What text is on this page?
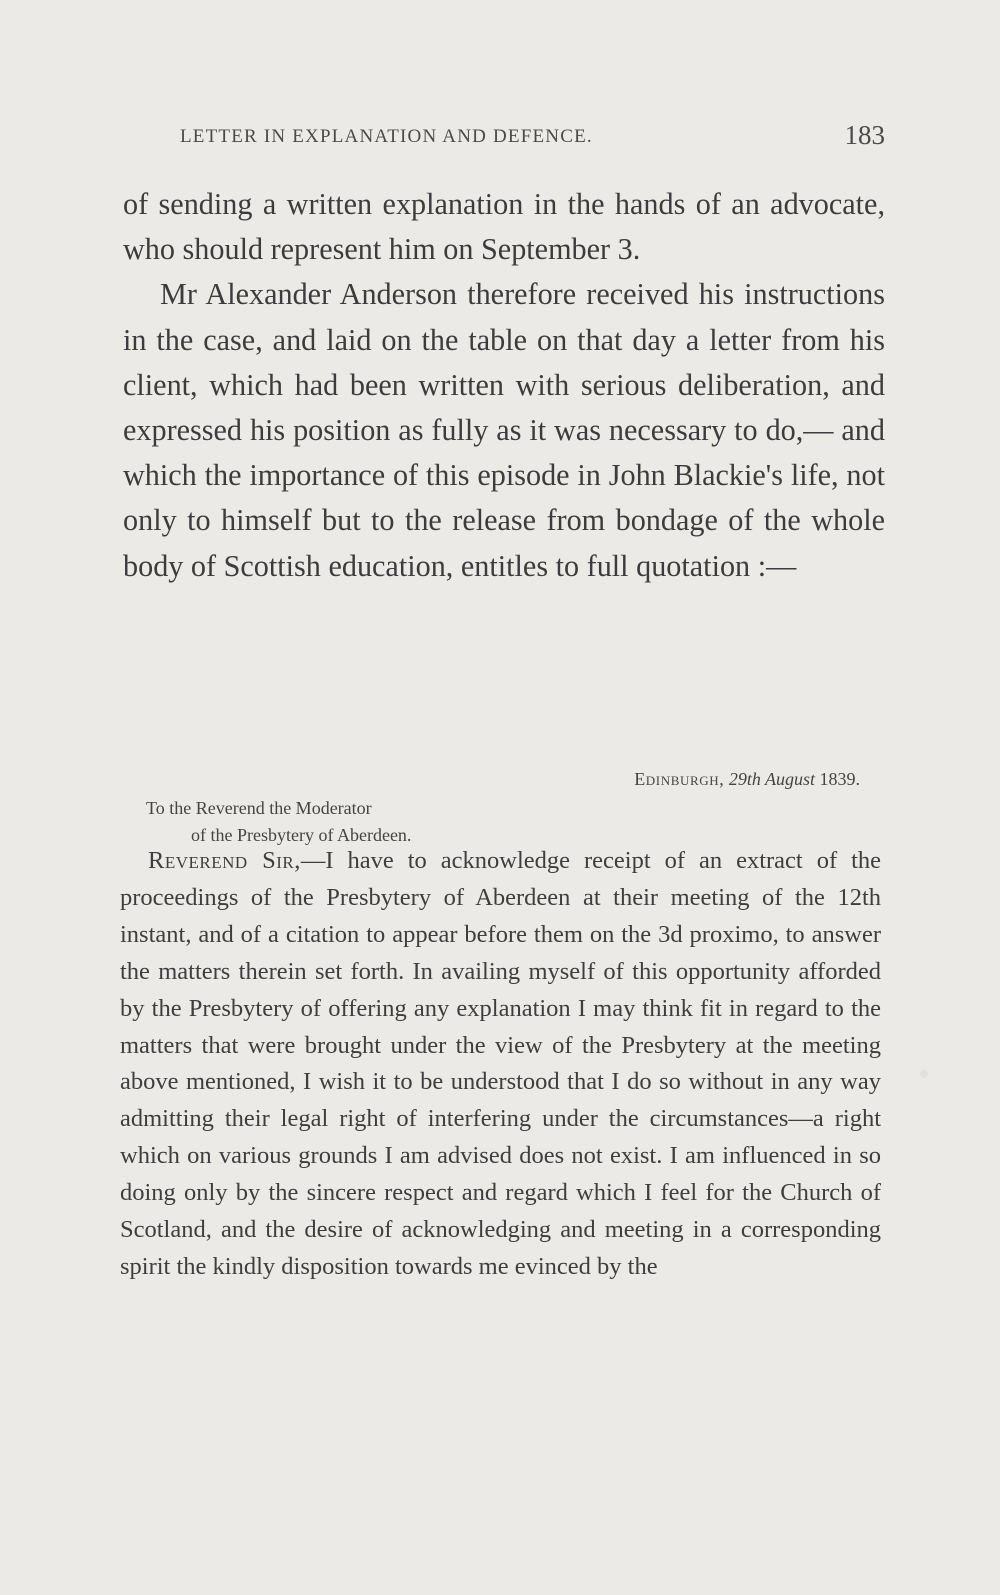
LETTER IN EXPLANATION AND DEFENCE.	183

of sending a written explanation in the hands of an advocate, who should represent him on September 3.

Mr Alexander Anderson therefore received his instructions in the case, and laid on the table on that day a letter from his client, which had been written with serious deliberation, and expressed his position as fully as it was necessary to do,— and which the importance of this episode in John Blackie's life, not only to himself but to the release from bondage of the whole body of Scottish education, entitles to full quotation :—

Edinburgh, 29th August 1839.
To the Reverend the Moderator
of the Presbytery of Aberdeen.

Reverend Sir,—I have to acknowledge receipt of an extract of the proceedings of the Presbytery of Aberdeen at their meeting of the 12th instant, and of a citation to appear before them on the 3d proximo, to answer the matters therein set forth. In availing myself of this opportunity afforded by the Presbytery of offering any explanation I may think fit in regard to the matters that were brought under the view of the Presbytery at the meeting above mentioned, I wish it to be understood that I do so without in any way admitting their legal right of interfering under the circumstances—a right which on various grounds I am advised does not exist. I am influenced in so doing only by the sincere respect and regard which I feel for the Church of Scotland, and the desire of acknowledging and meeting in a corresponding spirit the kindly disposition towards me evinced by the
